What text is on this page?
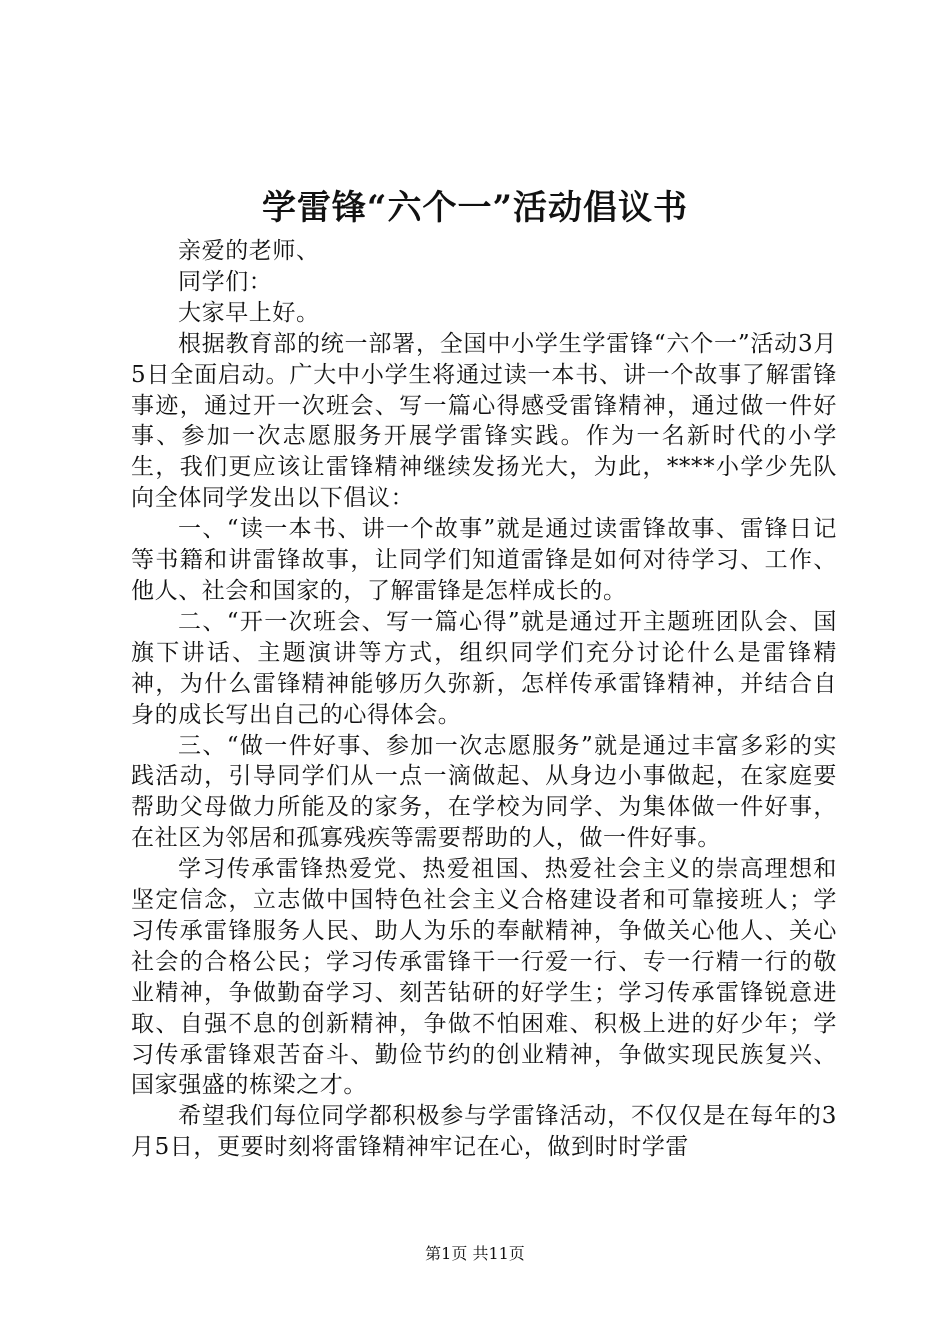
学雷锋“六个一”活动倡议书

亲爱的老师、

同学们：

大家早上好。

根据教育部的统一部署，全国中小学生学雷锋“六个一”活动3月5日全面启动。广大中小学生将通过读一本书、讲一个故事了解雷锋事迹，通过开一次班会、写一篇心得感受雷锋精神，通过做一件好事、参加一次志愿服务开展学雷锋实践。作为一名新时代的小学生，我们更应该让雷锋精神继续发扬光大，为此，****小学少先队向全体同学发出以下倡议：

一、“读一本书、讲一个故事”就是通过读雷锋故事、雷锋日记等书籍和讲雷锋故事，让同学们知道雷锋是如何对待学习、工作、他人、社会和国家的，了解雷锋是怎样成长的。

二、“开一次班会、写一篇心得”就是通过开主题班团队会、国旗下讲话、主题演讲等方式，组织同学们充分讨论什么是雷锋精神，为什么雷锋精神能够历久弥新，怎样传承雷锋精神，并结合自身的成长写出自己的心得体会。

三、“做一件好事、参加一次志愿服务”就是通过丰富多彩的实践活动，引导同学们从一点一滴做起、从身边小事做起，在家庭要帮助父母做力所能及的家务，在学校为同学、为集体做一件好事，在社区为邻居和孤寡残疾等需要帮助的人，做一件好事。

学习传承雷锋热爱党、热爱祖国、热爱社会主义的崇高理想和坚定信念，立志做中国特色社会主义合格建设者和可靠接班人；学习传承雷锋服务人民、助人为乐的奉献精神，争做关心他人、关心社会的合格公民；学习传承雷锋干一行爱一行、专一行精一行的敬业精神，争做勤奋学习、刻苦钻研的好学生；学习传承雷锋锐意进取、自强不息的创新精神，争做不怕困难、积极上进的好少年；学习传承雷锋艰苦奋斗、勤俭节约的创业精神，争做实现民族复兴、国家强盛的栋梁之才。

希望我们每位同学都积极参与学雷锋活动，不仅仅是在每年的3月5日，更要时刻将雷锋精神牢记在心，做到时时学雷

第1页 共11页
